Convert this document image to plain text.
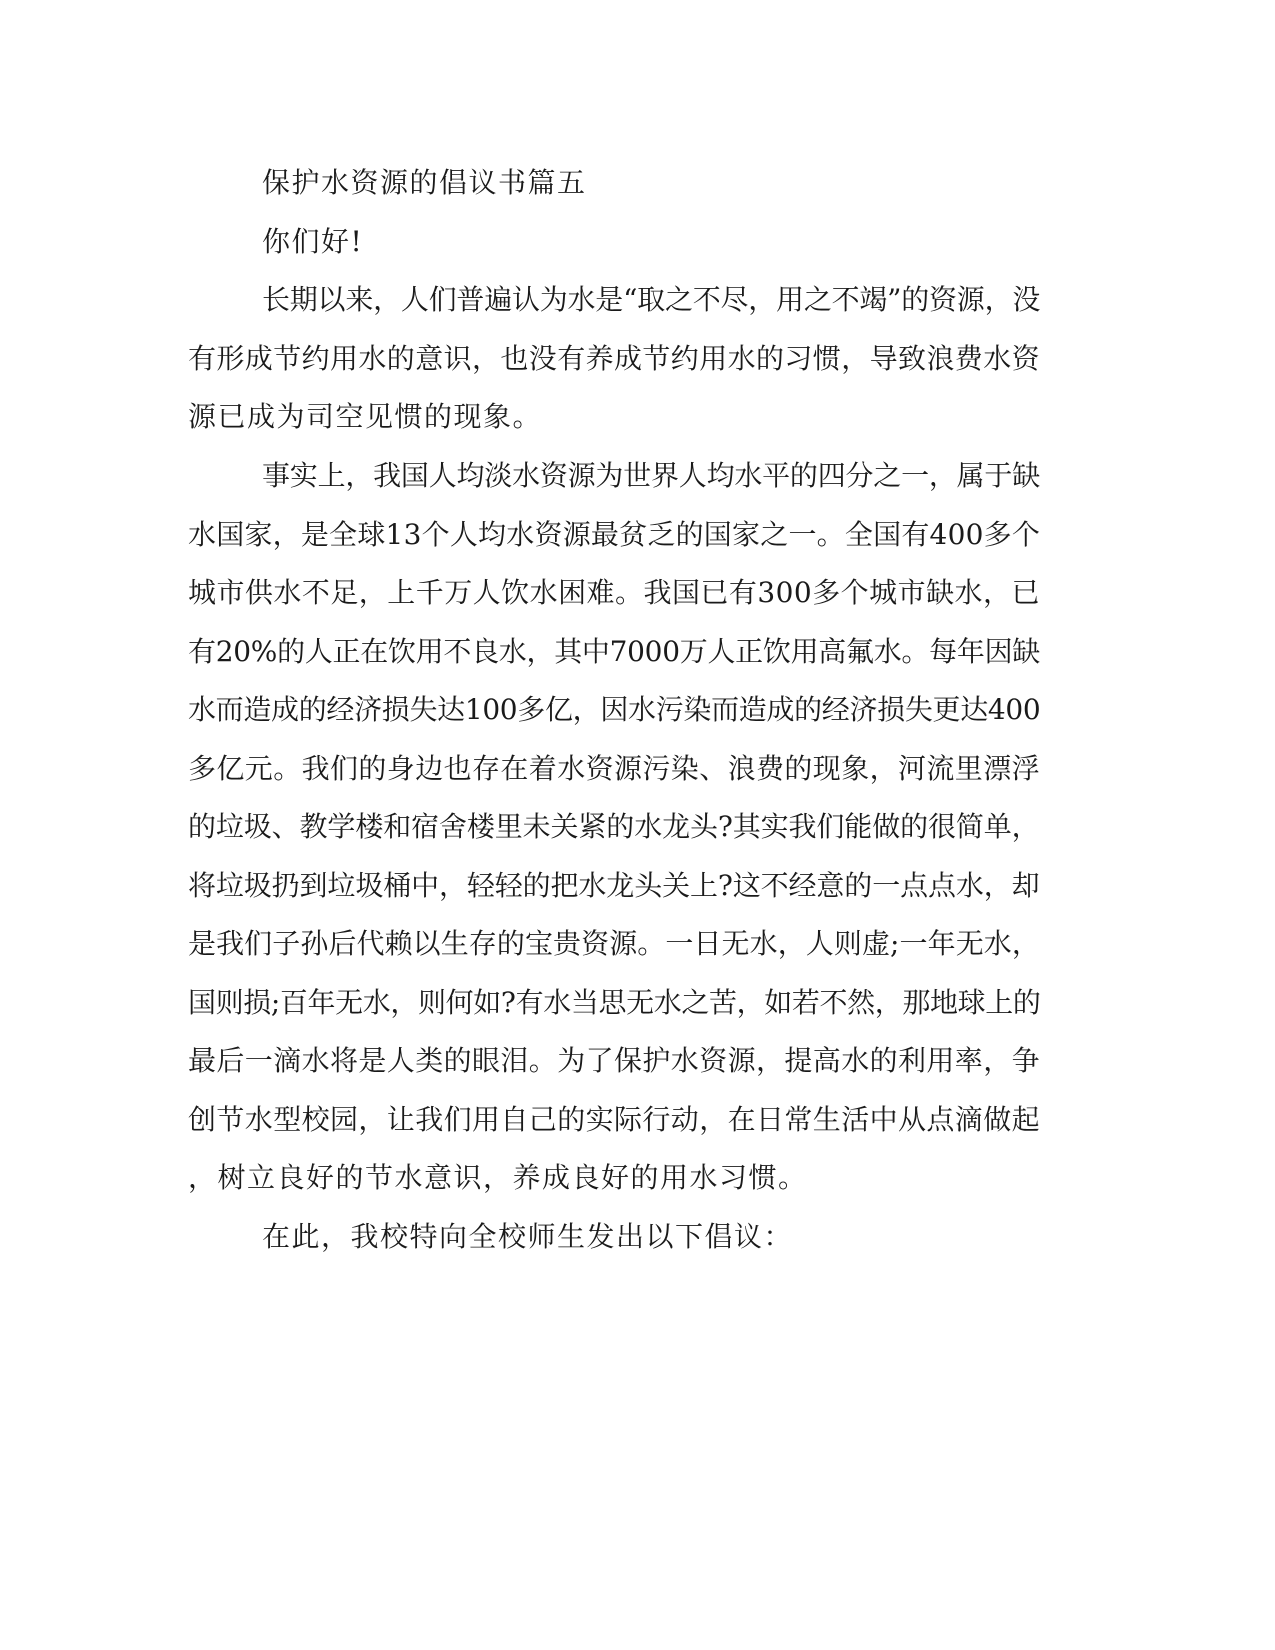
保护水资源的倡议书篇五
你们好!
长期以来，人们普遍认为水是“取之不尽，用之不竭”的资源，没
有形成节约用水的意识，也没有养成节约用水的习惯，导致浪费水资
源已成为司空见惯的现象。
事实上，我国人均淡水资源为世界人均水平的四分之一，属于缺
水国家，是全球13个人均水资源最贫乏的国家之一。全国有400多个
城市供水不足，上千万人饮水困难。我国已有300多个城市缺水，已
有20%的人正在饮用不良水，其中7000万人正饮用高氟水。每年因缺
水而造成的经济损失达100多亿，因水污染而造成的经济损失更达400
多亿元。我们的身边也存在着水资源污染、浪费的现象，河流里漂浮
的垃圾、教学楼和宿舍楼里未关紧的水龙头?其实我们能做的很简单，
将垃圾扔到垃圾桶中，轻轻的把水龙头关上?这不经意的一点点水，却
是我们子孙后代赖以生存的宝贵资源。一日无水，人则虚;一年无水，
国则损;百年无水，则何如?有水当思无水之苦，如若不然，那地球上的
最后一滴水将是人类的眼泪。为了保护水资源，提高水的利用率，争
创节水型校园，让我们用自己的实际行动，在日常生活中从点滴做起
，树立良好的节水意识，养成良好的用水习惯。
在此，我校特向全校师生发出以下倡议：
